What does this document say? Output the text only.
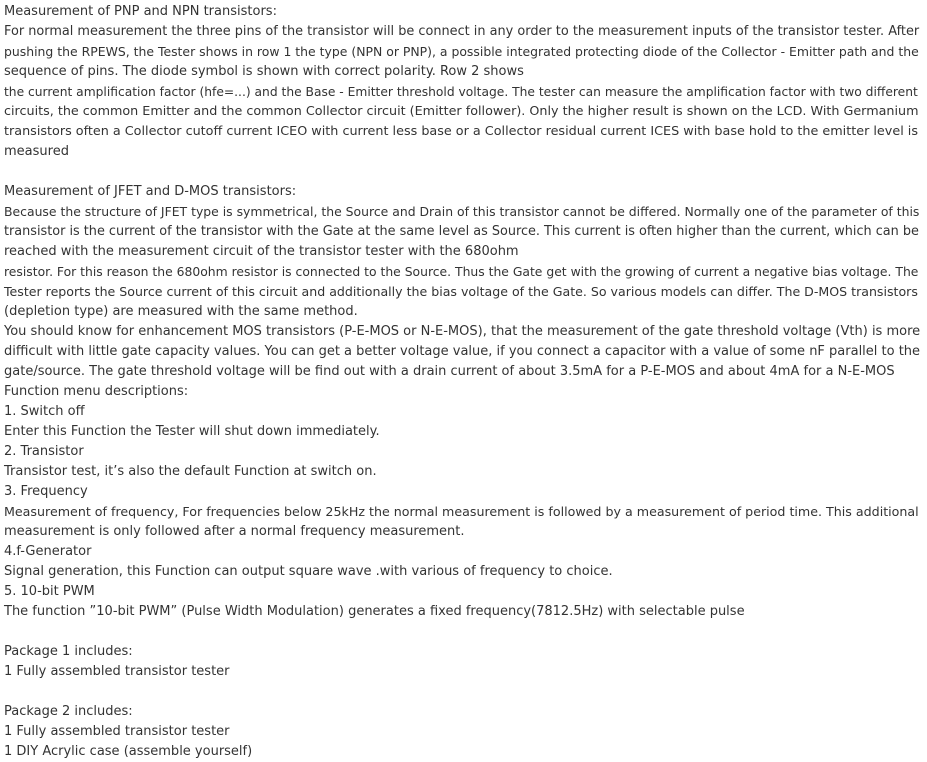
Measurement of PNP and NPN transistors:
For normal measurement the three pins of the transistor will be connect in any order to the measurement inputs of the transistor tester. After
pushing the RPEWS, the Tester shows in row 1 the type (NPN or PNP), a possible integrated protecting diode of the Collector - Emitter path and the
sequence of pins. The diode symbol is shown with correct polarity. Row 2 shows
the current amplification factor (hfe=...) and the Base - Emitter threshold voltage. The tester can measure the amplification factor with two different
circuits, the common Emitter and the common Collector circuit (Emitter follower). Only the higher result is shown on the LCD. With Germanium
transistors often a Collector cutoff current ICEO with current less base or a Collector residual current ICES with base hold to the emitter level is
measured
Measurement of JFET and D-MOS transistors:
Because the structure of JFET type is symmetrical, the Source and Drain of this transistor cannot be differed. Normally one of the parameter of this
transistor is the current of the transistor with the Gate at the same level as Source. This current is often higher than the current, which can be
reached with the measurement circuit of the transistor tester with the 680ohm
resistor. For this reason the 680ohm resistor is connected to the Source. Thus the Gate get with the growing of current a negative bias voltage. The
Tester reports the Source current of this circuit and additionally the bias voltage of the Gate. So various models can differ. The D-MOS transistors
(depletion type) are measured with the same method.
You should know for enhancement MOS transistors (P-E-MOS or N-E-MOS), that the measurement of the gate threshold voltage (Vth) is more
difficult with little gate capacity values. You can get a better voltage value, if you connect a capacitor with a value of some nF parallel to the
gate/source. The gate threshold voltage will be find out with a drain current of about 3.5mA for a P-E-MOS and about 4mA for a N-E-MOS
Function menu descriptions:
1. Switch off
Enter this Function the Tester will shut down immediately.
2. Transistor
Transistor test, it’s also the default Function at switch on.
3. Frequency
Measurement of frequency, For frequencies below 25kHz the normal measurement is followed by a measurement of period time. This additional
measurement is only followed after a normal frequency measurement.
4.f-Generator
Signal generation, this Function can output square wave .with various of frequency to choice.
5. 10-bit PWM
The function ”10-bit PWM” (Pulse Width Modulation) generates a fixed frequency(7812.5Hz) with selectable pulse
Package 1 includes:
1 Fully assembled transistor tester
Package 2 includes:
1 Fully assembled transistor tester
1 DIY Acrylic case (assemble yourself)
